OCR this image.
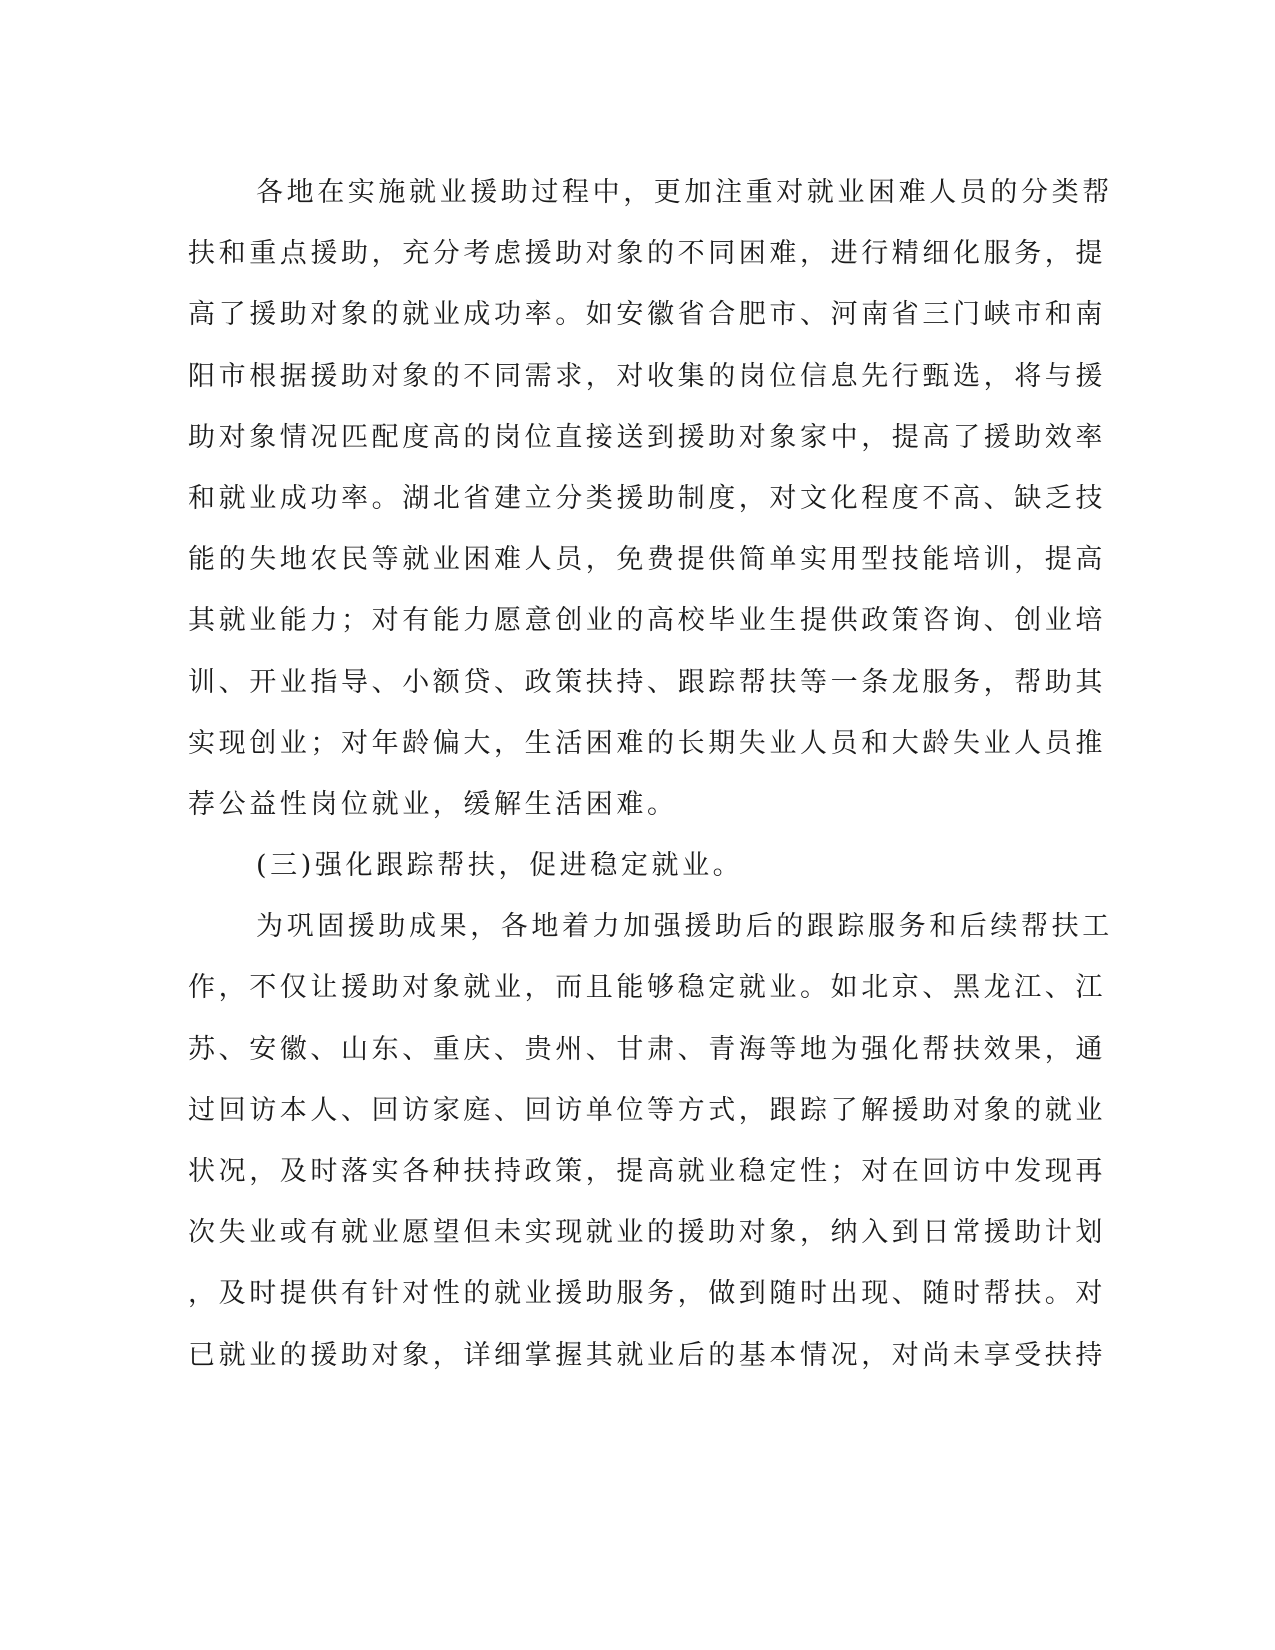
各地在实施就业援助过程中，更加注重对就业困难人员的分类帮
扶和重点援助，充分考虑援助对象的不同困难，进行精细化服务，提
高了援助对象的就业成功率。如安徽省合肥市、河南省三门峡市和南
阳市根据援助对象的不同需求，对收集的岗位信息先行甄选，将与援
助对象情况匹配度高的岗位直接送到援助对象家中，提高了援助效率
和就业成功率。湖北省建立分类援助制度，对文化程度不高、缺乏技
能的失地农民等就业困难人员，免费提供简单实用型技能培训，提高
其就业能力；对有能力愿意创业的高校毕业生提供政策咨询、创业培
训、开业指导、小额贷、政策扶持、跟踪帮扶等一条龙服务，帮助其
实现创业；对年龄偏大，生活困难的长期失业人员和大龄失业人员推
荐公益性岗位就业，缓解生活困难。
(三)强化跟踪帮扶，促进稳定就业。
为巩固援助成果，各地着力加强援助后的跟踪服务和后续帮扶工
作，不仅让援助对象就业，而且能够稳定就业。如北京、黑龙江、江
苏、安徽、山东、重庆、贵州、甘肃、青海等地为强化帮扶效果，通
过回访本人、回访家庭、回访单位等方式，跟踪了解援助对象的就业
状况，及时落实各种扶持政策，提高就业稳定性；对在回访中发现再
次失业或有就业愿望但未实现就业的援助对象，纳入到日常援助计划
，及时提供有针对性的就业援助服务，做到随时出现、随时帮扶。对
已就业的援助对象，详细掌握其就业后的基本情况，对尚未享受扶持
